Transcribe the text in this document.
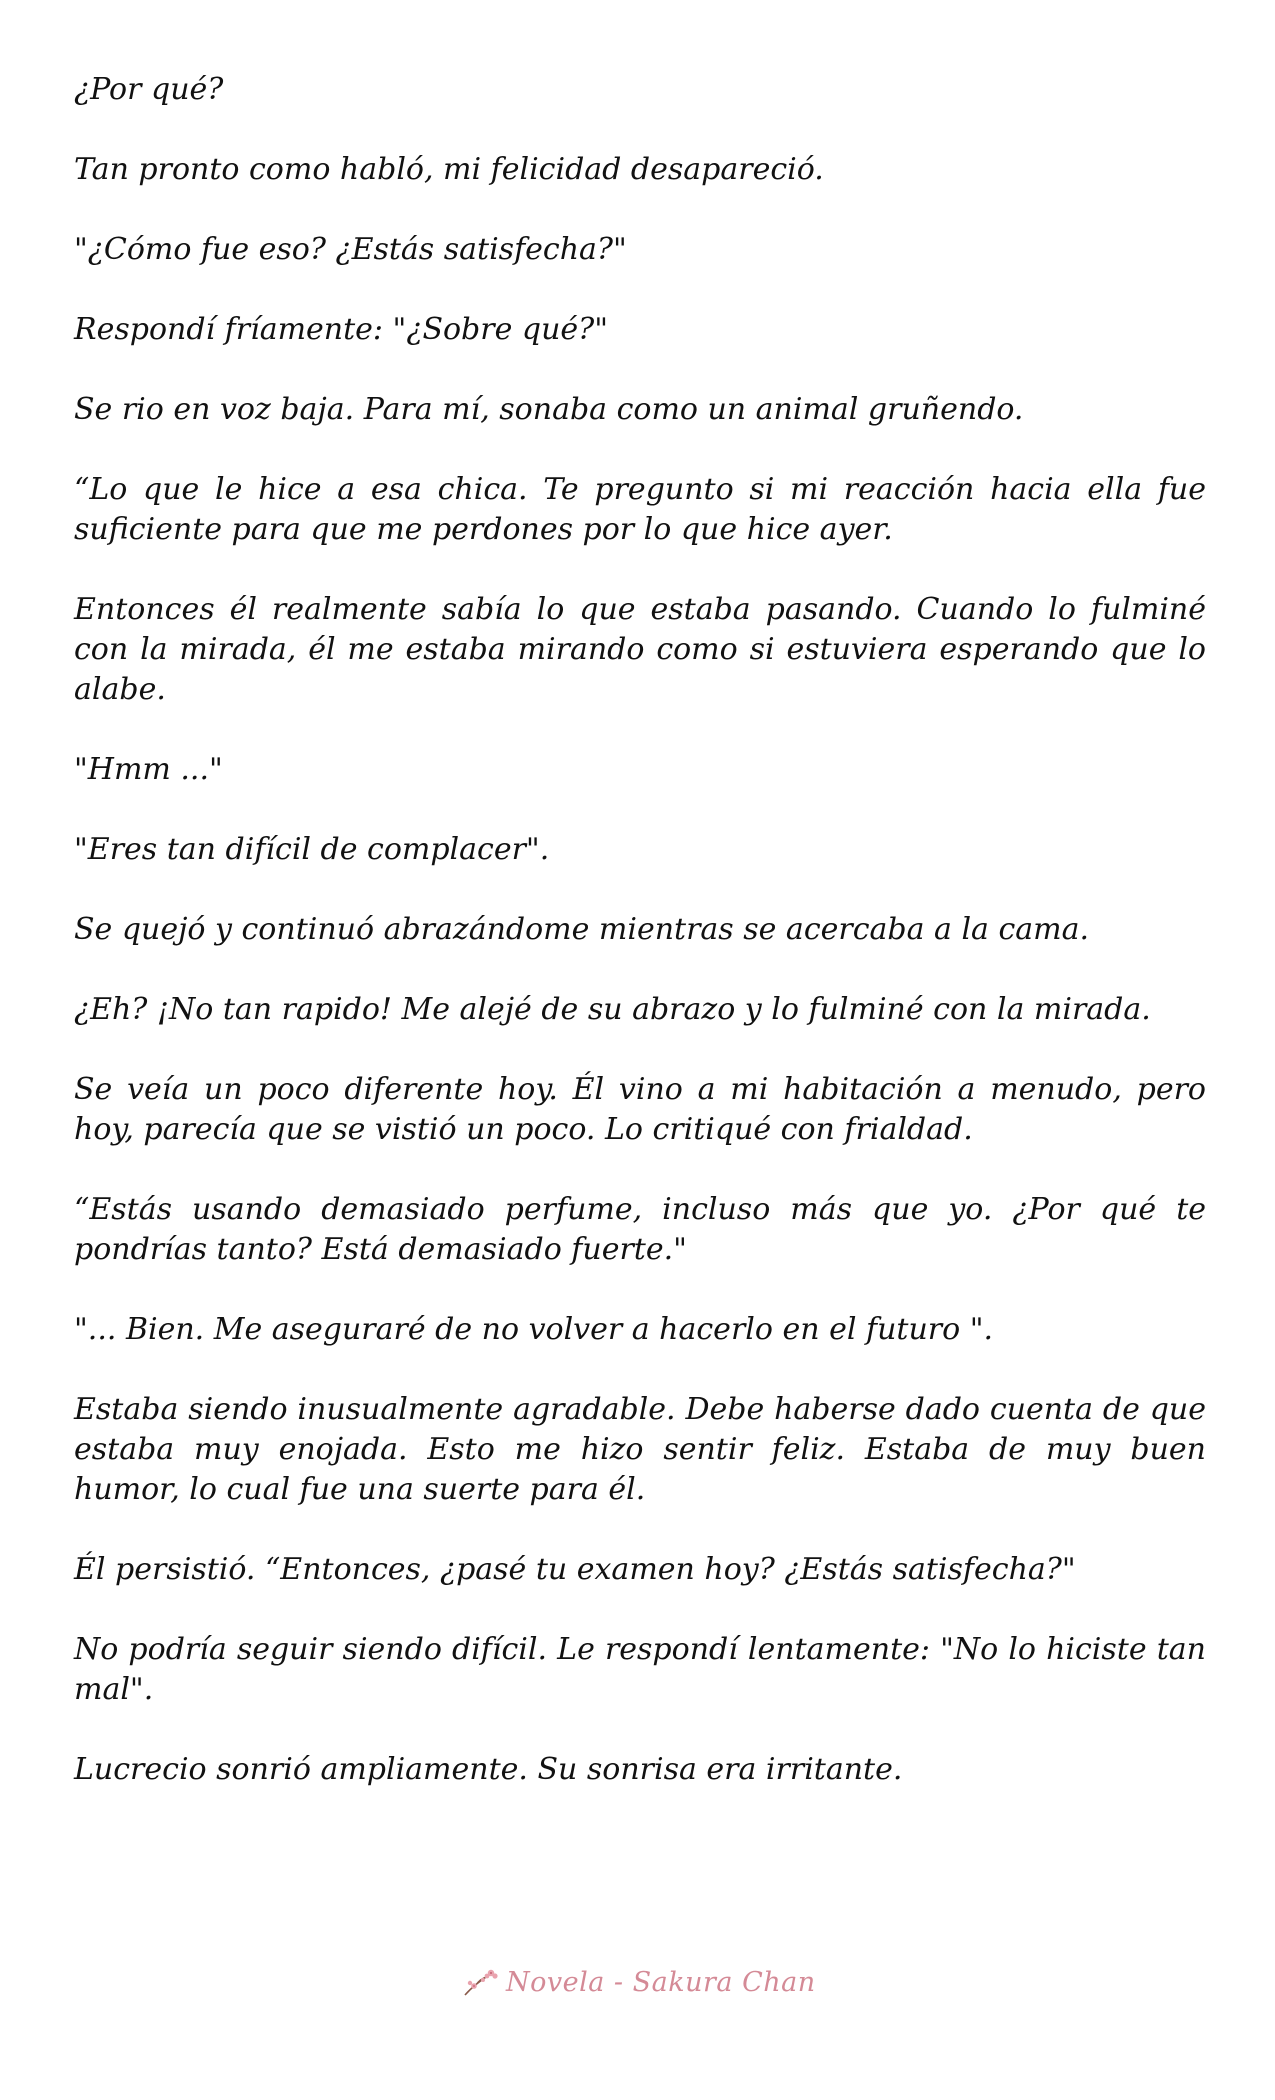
¿Por qué?

Tan pronto como habló, mi felicidad desapareció.

"¿Cómo fue eso? ¿Estás satisfecha?"

Respondí fríamente: "¿Sobre qué?"

Se rio en voz baja. Para mí, sonaba como un animal gruñendo.

“Lo que le hice a esa chica. Te pregunto si mi reacción hacia ella fue suficiente para que me perdones por lo que hice ayer.

Entonces él realmente sabía lo que estaba pasando. Cuando lo fulminé con la mirada, él me estaba mirando como si estuviera esperando que lo alabe.

"Hmm ..."

"Eres tan difícil de complacer".

Se quejó y continuó abrazándome mientras se acercaba a la cama.

¿Eh? ¡No tan rapido! Me alejé de su abrazo y lo fulminé con la mirada.

Se veía un poco diferente hoy. Él vino a mi habitación a menudo, pero hoy, parecía que se vistió un poco. Lo critiqué con frialdad.

“Estás usando demasiado perfume, incluso más que yo. ¿Por qué te pondrías tanto? Está demasiado fuerte."

"... Bien. Me aseguraré de no volver a hacerlo en el futuro ".

Estaba siendo inusualmente agradable. Debe haberse dado cuenta de que estaba muy enojada. Esto me hizo sentir feliz. Estaba de muy buen humor, lo cual fue una suerte para él.

Él persistió. “Entonces, ¿pasé tu examen hoy? ¿Estás satisfecha?"

No podría seguir siendo difícil. Le respondí lentamente: "No lo hiciste tan mal".

Lucrecio sonrió ampliamente. Su sonrisa era irritante.

Novela - Sakura Chan
